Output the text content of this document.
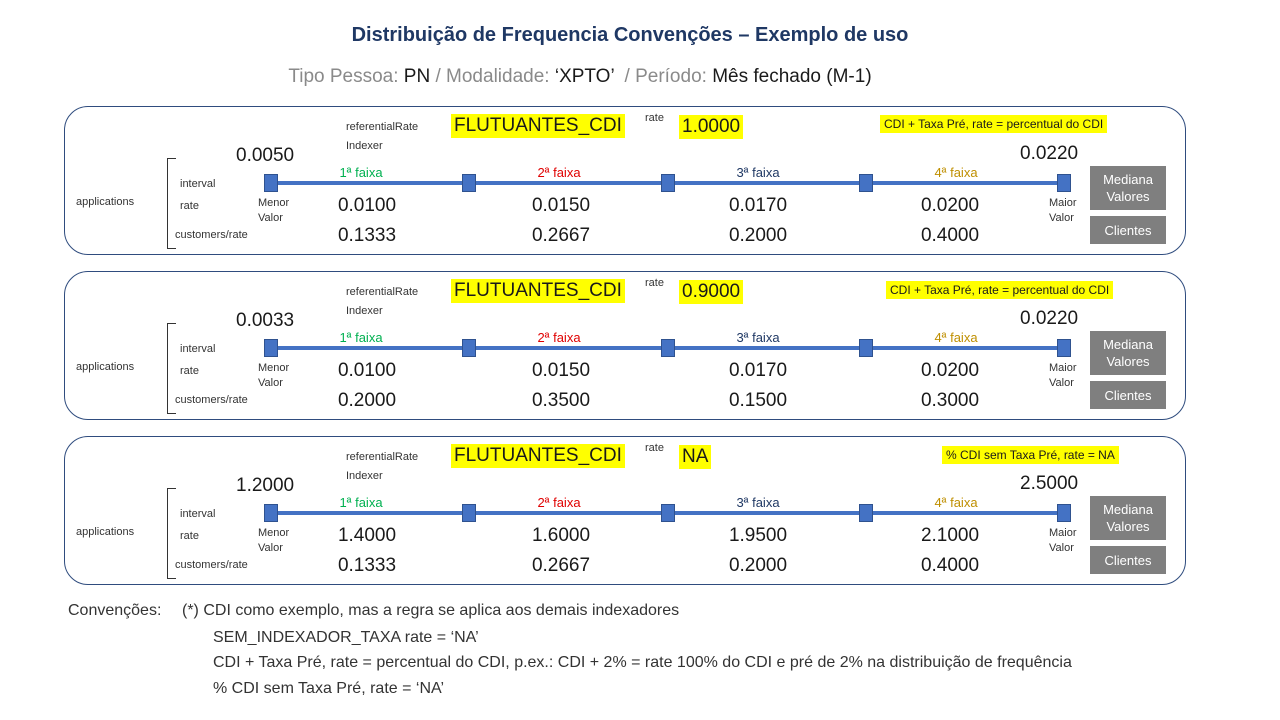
Distribuição de Frequencia Convenções – Exemplo de uso
Tipo Pessoa: PN / Modalidade: ‘XPTO’ / Período: Mês fechado (M-1)
referentialRate
Indexer
FLUTUANTES_CDI rate 1.0000	CDI + Taxa Pré, rate = percentual do CDI
applications
interval
rate
customers/rate
0.0050	0.0220
1ª faixa	2ª faixa	3ª faixa	4ª faixa
Menor
Valor
Maior
Valor
0.0100	0.0150	0.0170	0.0200
0.1333	0.2667	0.2000	0.4000
Mediana
Valores
Clientes
referentialRate
Indexer
FLUTUANTES_CDI rate 0.9000	CDI + Taxa Pré, rate = percentual do CDI
applications
interval
rate
customers/rate
0.0033	0.0220
1ª faixa	2ª faixa	3ª faixa	4ª faixa
Menor
Valor
Maior
Valor
0.0100	0.0150	0.0170	0.0200
0.2000	0.3500	0.1500	0.3000
Mediana
Valores
Clientes
referentialRate
Indexer
FLUTUANTES_CDI rate NA	% CDI sem Taxa Pré, rate = NA
applications
interval
rate
customers/rate
1.2000	2.5000
1ª faixa	2ª faixa	3ª faixa	4ª faixa
Menor
Valor
Maior
Valor
1.4000	1.6000	1.9500	2.1000
0.1333	0.2667	0.2000	0.4000
Mediana
Valores
Clientes
Convenções: (*) CDI como exemplo, mas a regra se aplica aos demais indexadores
SEM_INDEXADOR_TAXA rate = ‘NA’
CDI + Taxa Pré, rate = percentual do CDI, p.ex.: CDI + 2% = rate 100% do CDI e pré de 2% na distribuição de frequência
% CDI sem Taxa Pré, rate = ‘NA’
